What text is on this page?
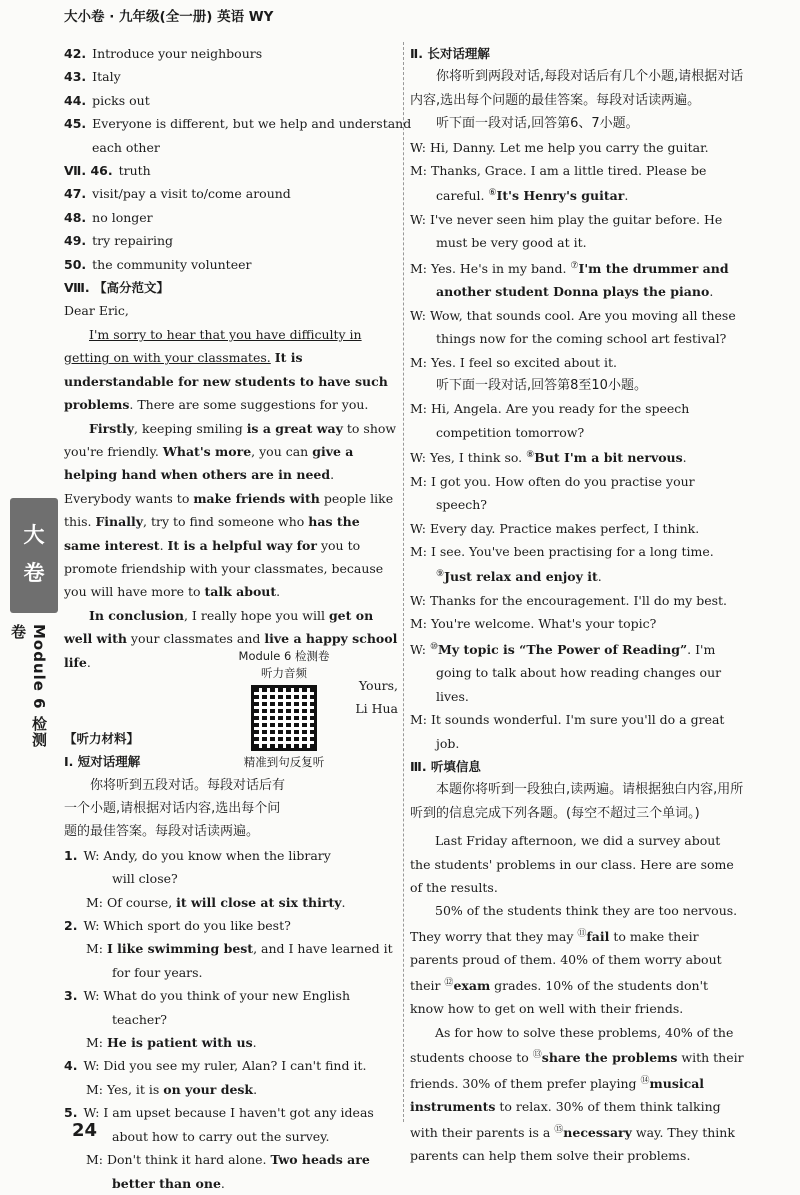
大小卷 · 九年级(全一册) 英语 WY
大
卷
Module 6 检测卷
42. Introduce your neighbours
43. Italy
44. picks out
45. Everyone is different, but we help and understand
each other
Ⅶ. 46. truth
47. visit/pay a visit to/come around
48. no longer
49. try repairing
50. the community volunteer
Ⅷ. 【高分范文】
Dear Eric,
I'm sorry to hear that you have difficulty in getting on with your classmates. It is understandable for new students to have such problems. There are some suggestions for you.
Firstly, keeping smiling is a great way to show you're friendly. What's more, you can give a helping hand when others are in need. Everybody wants to make friends with people like this. Finally, try to find someone who has the same interest. It is a helpful way for you to promote friendship with your classmates, because you will have more to talk about.
In conclusion, I really hope you will get on well with your classmates and live a happy school life.
Yours,
Li Hua
【听力材料】
Ⅰ. 短对话理解
你将听到五段对话。每段对话后有一个小题,请根据对话内容,选出每个问题的最佳答案。每段对话读两遍。
1. W: Andy, do you know when the library will close?
M: Of course, it will close at six thirty.
2. W: Which sport do you like best?
M: I like swimming best, and I have learned it for four years.
3. W: What do you think of your new English teacher?
M: He is patient with us.
4. W: Did you see my ruler, Alan? I can't find it.
M: Yes, it is on your desk.
5. W: I am upset because I haven't got any ideas about how to carry out the survey.
M: Don't think it hard alone. Two heads are better than one.
Module 6 检测卷
听力音频
精准到句反复听
Ⅱ. 长对话理解
你将听到两段对话,每段对话后有几个小题,请根据对话内容,选出每个问题的最佳答案。每段对话读两遍。
听下面一段对话,回答第6、7小题。
W: Hi, Danny. Let me help you carry the guitar.
M: Thanks, Grace. I am a little tired. Please be careful. ⑥It's Henry's guitar.
W: I've never seen him play the guitar before. He must be very good at it.
M: Yes. He's in my band. ⑦I'm the drummer and another student Donna plays the piano.
W: Wow, that sounds cool. Are you moving all these things now for the coming school art festival?
M: Yes. I feel so excited about it.
听下面一段对话,回答第8至10小题。
M: Hi, Angela. Are you ready for the speech competition tomorrow?
W: Yes, I think so. ⑧But I'm a bit nervous.
M: I got you. How often do you practise your speech?
W: Every day. Practice makes perfect, I think.
M: I see. You've been practising for a long time. ⑨Just relax and enjoy it.
W: Thanks for the encouragement. I'll do my best.
M: You're welcome. What's your topic?
W: ⑩My topic is “The Power of Reading”. I'm going to talk about how reading changes our lives.
M: It sounds wonderful. I'm sure you'll do a great job.
Ⅲ. 听填信息
本题你将听到一段独白,读两遍。请根据独白内容,用所听到的信息完成下列各题。(每空不超过三个单词。)
Last Friday afternoon, we did a survey about the students' problems in our class. Here are some of the results.
50% of the students think they are too nervous. They worry that they may ⑪fail to make their parents proud of them. 40% of them worry about their ⑫exam grades. 10% of the students don't know how to get on well with their friends.
As for how to solve these problems, 40% of the students choose to ⑬share the problems with their friends. 30% of them prefer playing ⑭musical instruments to relax. 30% of them think talking with their parents is a ⑮necessary way. They think parents can help them solve their problems.
24
